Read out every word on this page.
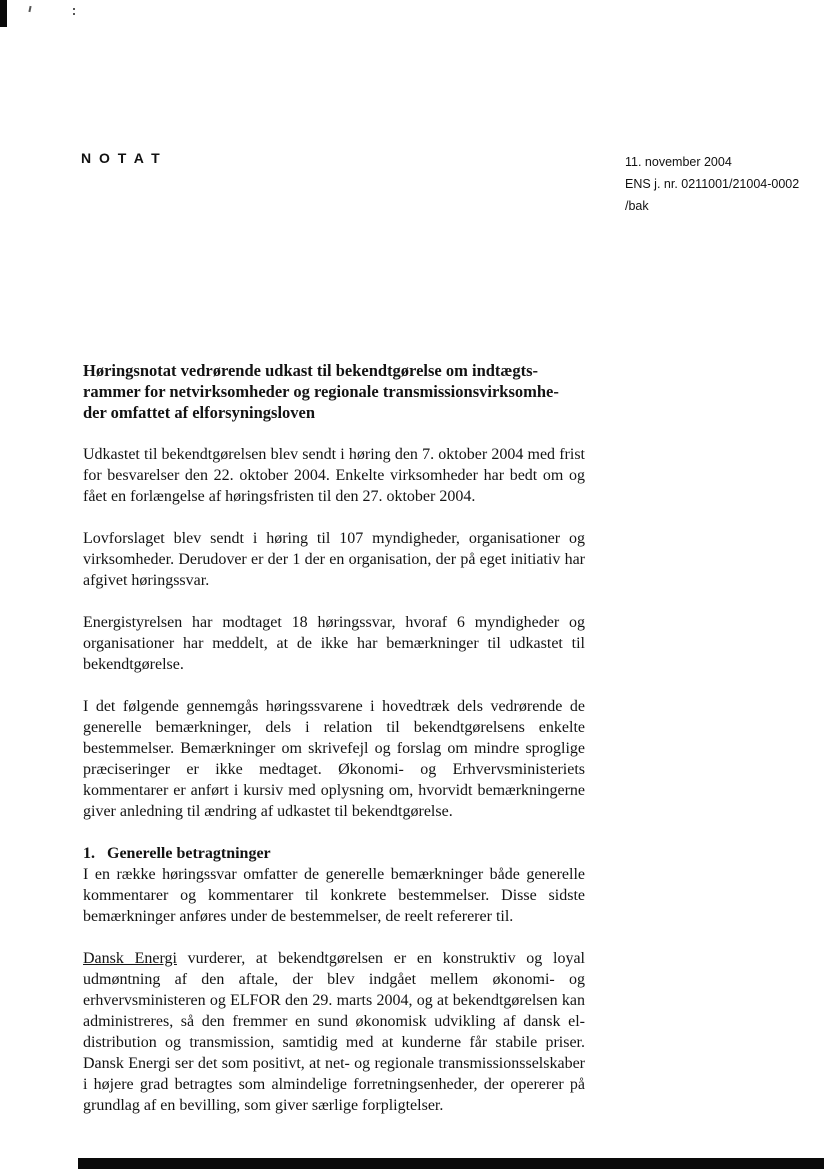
N O T A T	11. november 2004
ENS j. nr. 0211001/21004-0002
/bak
Høringsnotat vedrørende udkast til bekendtgørelse om indtægts-
rammer for netvirksomheder og regionale transmissionsvirksomhe-
der omfattet af elforsyningsloven

Udkastet til bekendtgørelsen blev sendt i høring den 7. oktober 2004 med frist for besvarelser den 22. oktober 2004. Enkelte virksomheder har bedt om og fået en forlængelse af høringsfristen til den 27. oktober 2004.

Lovforslaget blev sendt i høring til 107 myndigheder, organisationer og virksomheder. Derudover er der 1 der en organisation, der på eget initiativ har afgivet høringssvar.

Energistyrelsen har modtaget 18 høringssvar, hvoraf 6 myndigheder og organisationer har meddelt, at de ikke har bemærkninger til udkastet til bekendtgørelse.

I det følgende gennemgås høringssvarene i hovedtræk dels vedrørende de generelle bemærkninger, dels i relation til bekendtgørelsens enkelte bestemmelser. Bemærkninger om skrivefejl og forslag om mindre sproglige præciseringer er ikke medtaget. Økonomi- og Erhvervsministeriets kommentarer er anført i kursiv med oplysning om, hvorvidt bemærkningerne giver anledning til ændring af udkastet til bekendtgørelse.

1. Generelle betragtninger

I en række høringssvar omfatter de generelle bemærkninger både generelle kommentarer og kommentarer til konkrete bestemmelser. Disse sidste bemærkninger anføres under de bestemmelser, de reelt refererer til.

Dansk Energi vurderer, at bekendtgørelsen er en konstruktiv og loyal udmøntning af den aftale, der blev indgået mellem økonomi- og erhvervsministeren og ELFOR den 29. marts 2004, og at bekendtgørelsen kan administreres, så den fremmer en sund økonomisk udvikling af dansk el-distribution og transmission, samtidig med at kunderne får stabile priser. Dansk Energi ser det som positivt, at net- og regionale transmissionsselskaber i højere grad betragtes som almindelige forretningsenheder, der opererer på grundlag af en bevilling, som giver særlige forpligtelser.
